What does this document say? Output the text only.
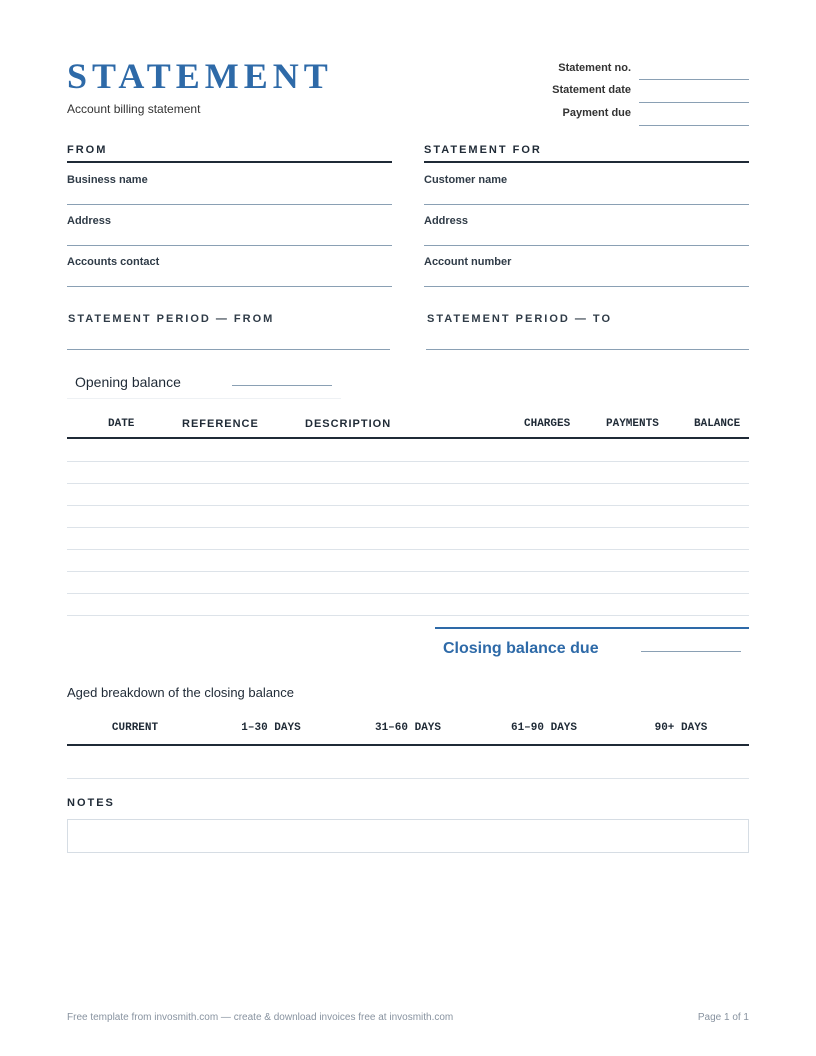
STATEMENT
Account billing statement
Statement no.
Statement date
Payment due
FROM
Business name
Address
Accounts contact
STATEMENT FOR
Customer name
Address
Account number
STATEMENT PERIOD — FROM	STATEMENT PERIOD — TO
Opening balance
DATE	REFERENCE	DESCRIPTION	CHARGES	PAYMENTS	BALANCE
Closing balance due
Aged breakdown of the closing balance
CURRENT	1–30 DAYS	31–60 DAYS	61–90 DAYS	90+ DAYS
NOTES
Free template from invosmith.com — create & download invoices free at invosmith.com	Page 1 of 1
